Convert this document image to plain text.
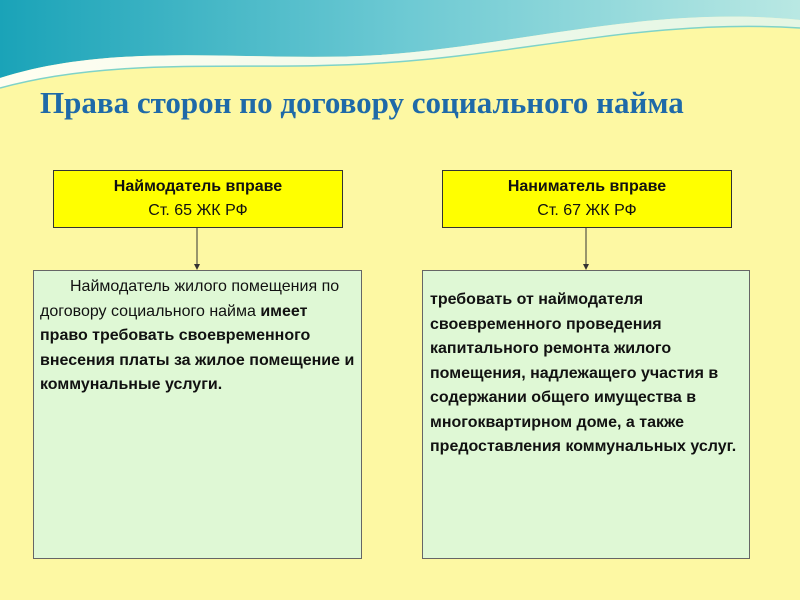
Права сторон по договору социального найма
Наймодатель вправе
Ст. 65 ЖК РФ
Наниматель вправе
Ст. 67 ЖК РФ
Наймодатель жилого помещения по договору социального найма имеет право требовать своевременного внесения платы за жилое помещение и коммунальные услуги.
требовать от наймодателя своевременного проведения капитального ремонта жилого помещения, надлежащего участия в содержании общего имущества в многоквартирном доме, а также предоставления коммунальных услуг.
